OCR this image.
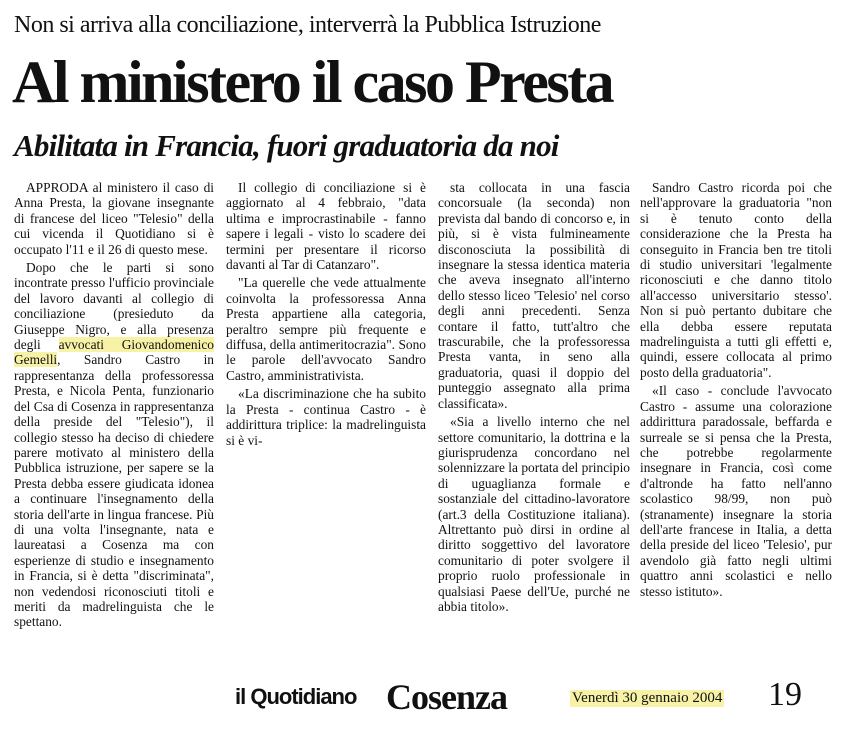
Non si arriva alla conciliazione, interverrà la Pubblica Istruzione
Al ministero il caso Presta
Abilitata in Francia, fuori graduatoria da noi

APPRODA al ministero il caso di Anna Presta, la giovane insegnante di francese del liceo "Telesio" della cui vicenda il Quotidiano si è occupato l'11 e il 26 di questo mese.

Dopo che le parti si sono incontrate presso l'ufficio provinciale del lavoro davanti al collegio di conciliazione (presieduto da Giuseppe Nigro, e alla presenza degli avvocati Giovandomenico Gemelli, Sandro Castro in rappresentanza della professoressa Presta, e Nicola Penta, funzionario del Csa di Cosenza in rappresentanza della preside del "Telesio"), il collegio stesso ha deciso di chiedere parere motivato al ministero della Pubblica istruzione, per sapere se la Presta debba essere giudicata idonea a continuare l'insegnamento della storia dell'arte in lingua francese. Più di una volta l'insegnante, nata e laureatasi a Cosenza ma con esperienze di studio e insegnamento in Francia, si è detta "discriminata", non vedendosi riconosciuti titoli e meriti da madrelinguista che le spettano.

Il collegio di conciliazione si è aggiornato al 4 febbraio, "data ultima e improcrastinabile - fanno sapere i legali - visto lo scadere dei termini per presentare il ricorso davanti al Tar di Catanzaro".

"La querelle che vede attualmente coinvolta la professoressa Anna Presta appartiene alla categoria, peraltro sempre più frequente e diffusa, della antimeritocrazia". Sono le parole dell'avvocato Sandro Castro, amministrativista.

«La discriminazione che ha subito la Presta - continua Castro - è addirittura triplice: la madrelinguista si è vi-

sta collocata in una fascia concorsuale (la seconda) non prevista dal bando di concorso e, in più, si è vista fulmineamente disconosciuta la possibilità di insegnare la stessa identica materia che aveva insegnato all'interno dello stesso liceo 'Telesio' nel corso degli anni precedenti. Senza contare il fatto, tutt'altro che trascurabile, che la professoressa Presta vanta, in seno alla graduatoria, quasi il doppio del punteggio assegnato alla prima classificata».

«Sia a livello interno che nel settore comunitario, la dottrina e la giurisprudenza concordano nel solennizzare la portata del principio di uguaglianza formale e sostanziale del cittadino-lavoratore (art.3 della Costituzione italiana). Altrettanto può dirsi in ordine al diritto soggettivo del lavoratore comunitario di poter svolgere il proprio ruolo professionale in qualsiasi Paese dell'Ue, purché ne abbia titolo».

Sandro Castro ricorda poi che nell'approvare la graduatoria "non si è tenuto conto della considerazione che la Presta ha conseguito in Francia ben tre titoli di studio universitari 'legalmente riconosciuti e che danno titolo all'accesso universitario stesso'. Non si può pertanto dubitare che ella debba essere reputata madrelinguista a tutti gli effetti e, quindi, essere collocata al primo posto della graduatoria".

«Il caso - conclude l'avvocato Castro - assume una colorazione addirittura paradossale, beffarda e surreale se si pensa che la Presta, che potrebbe regolarmente insegnare in Francia, così come d'altronde ha fatto nell'anno scolastico 98/99, non può (stranamente) insegnare la storia dell'arte francese in Italia, a detta della preside del liceo 'Telesio', pur avendolo già fatto negli ultimi quattro anni scolastici e nello stesso istituto».

il Quotidiano Cosenza	Venerdì 30 gennaio 2004 19
